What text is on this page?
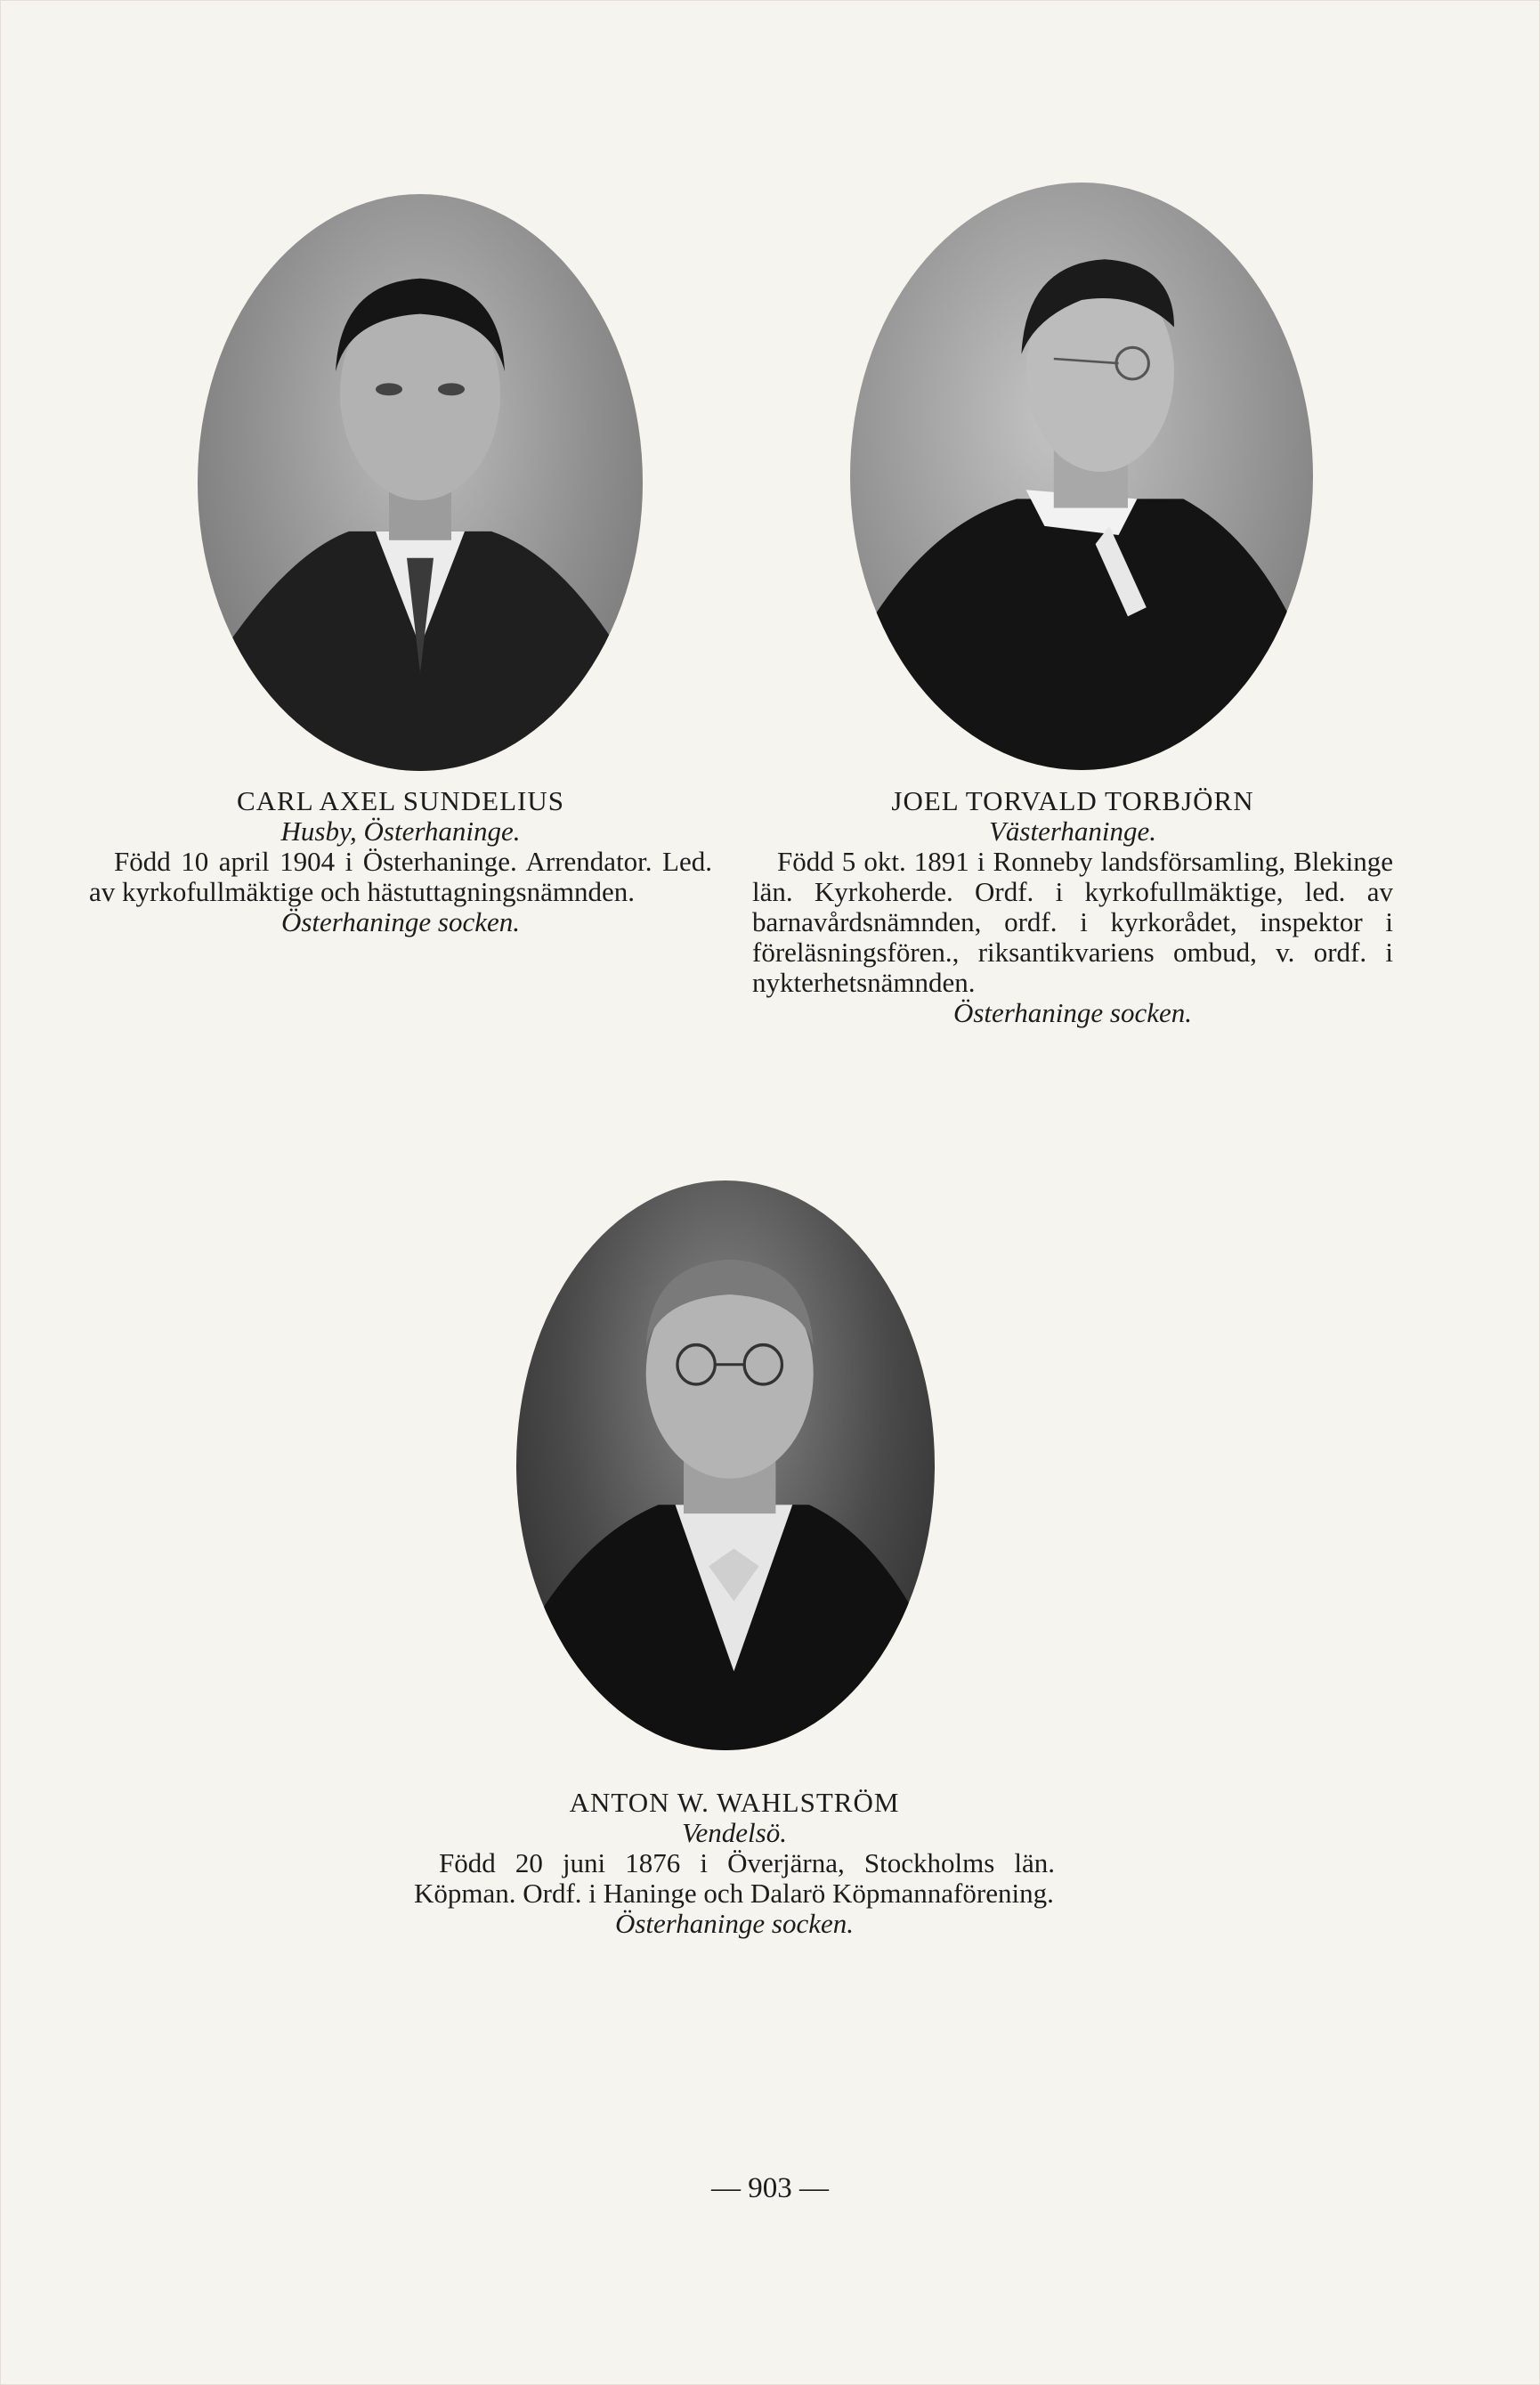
CARL AXEL SUNDELIUS
Husby, Österhaninge.
Född 10 april 1904 i Österhaninge. Arrendator. Led. av kyrkofullmäktige och hästuttagningsnämnden.
Österhaninge socken.
JOEL TORVALD TORBJÖRN
Västerhaninge.
Född 5 okt. 1891 i Ronneby landsförsamling, Blekinge län. Kyrkoherde. Ordf. i kyrkofullmäktige, led. av barnavårdsnämnden, ordf. i kyrkorådet, inspektor i föreläsningsfören., riksantikvariens ombud, v. ordf. i nykterhetsnämnden.
Österhaninge socken.
ANTON W. WAHLSTRÖM
Vendelsö.
Född 20 juni 1876 i Överjärna, Stockholms län. Köpman. Ordf. i Haninge och Dalarö Köpmannaförening.
Österhaninge socken.
— 903 —
